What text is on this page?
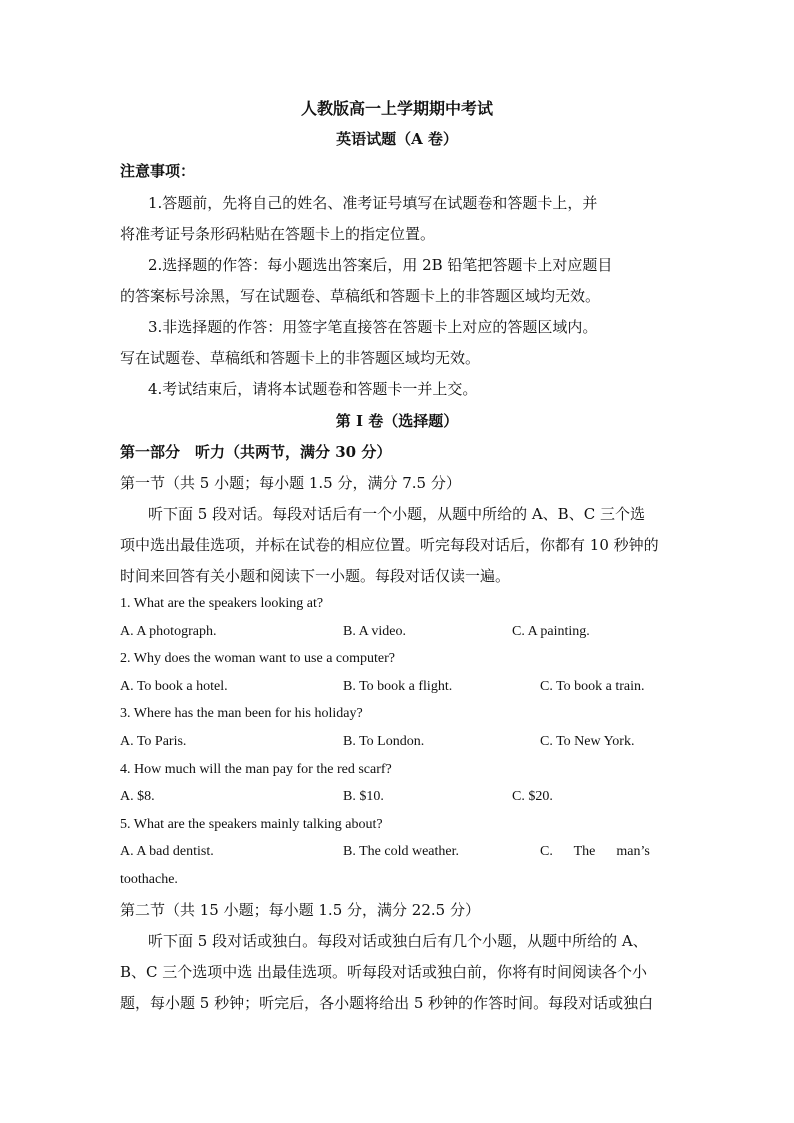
人教版高一上学期期中考试
英语试题（A 卷）
注意事项：
1.答题前，先将自己的姓名、准考证号填写在试题卷和答题卡上，并
将准考证号条形码粘贴在答题卡上的指定位置。
2.选择题的作答：每小题选出答案后，用 2B 铅笔把答题卡上对应题目
的答案标号涂黑，写在试题卷、草稿纸和答题卡上的非答题区域均无效。
3.非选择题的作答：用签字笔直接答在答题卡上对应的答题区域内。
写在试题卷、草稿纸和答题卡上的非答题区域均无效。
4.考试结束后，请将本试题卷和答题卡一并上交。
第 I 卷（选择题）
第一部分　听力（共两节，满分 30 分）
第一节（共 5 小题；每小题 1.5 分，满分 7.5 分）
听下面 5 段对话。每段对话后有一个小题，从题中所给的 A、B、C 三个选
项中选出最佳选项，并标在试卷的相应位置。听完每段对话后，你都有 10 秒钟的
时间来回答有关小题和阅读下一小题。每段对话仅读一遍。
1. What are the speakers looking at?
A. A photograph.	B. A video.	C. A painting.
2. Why does the woman want to use a computer?
A. To book a hotel.	B. To book a flight.	C. To book a train.
3. Where has the man been for his holiday?
A. To Paris.	B. To London.	C. To New York.
4. How much will the man pay for the red scarf?
A. $8.	B. $10.	C. $20.
5. What are the speakers mainly talking about?
A. A bad dentist.	B. The cold weather.	C.      The      man’s
toothache.
第二节（共 15 小题；每小题 1.5 分，满分 22.5 分）
听下面 5 段对话或独白。每段对话或独白后有几个小题，从题中所给的 A、
B、C 三个选项中选 出最佳选项。听每段对话或独白前，你将有时间阅读各个小
题，每小题 5 秒钟；听完后，各小题将给出 5 秒钟的作答时间。每段对话或独白
